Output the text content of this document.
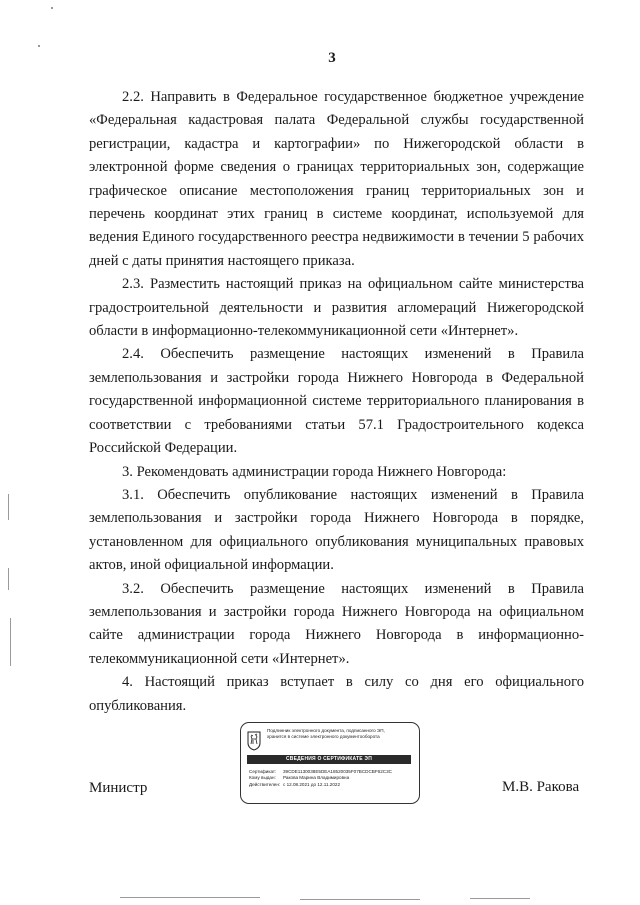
3

2.2. Направить в Федеральное государственное бюджетное учреждение «Федеральная кадастровая палата Федеральной службы государственной регистрации, кадастра и картографии» по Нижегородской области в электронной форме сведения о границах территориальных зон, содержащие графическое описание местоположения границ территориальных зон и перечень координат этих границ в системе координат, используемой для ведения Единого государственного реестра недвижимости в течении 5 рабочих дней с даты принятия настоящего приказа.

2.3. Разместить настоящий приказ на официальном сайте министерства градостроительной деятельности и развития агломераций Нижегородской области в информационно-телекоммуникационной сети «Интернет».

2.4. Обеспечить размещение настоящих изменений в Правила землепользования и застройки города Нижнего Новгорода в Федеральной государственной информационной системе территориального планирования в соответствии с требованиями статьи 57.1 Градостроительного кодекса Российской Федерации.

3. Рекомендовать администрации города Нижнего Новгорода:

3.1. Обеспечить опубликование настоящих изменений в Правила землепользования и застройки города Нижнего Новгорода в порядке, установленном для официального опубликования муниципальных правовых актов, иной официальной информации.

3.2. Обеспечить размещение настоящих изменений в Правила землепользования и застройки города Нижнего Новгорода на официальном сайте администрации города Нижнего Новгорода в информационно-телекоммуникационной сети «Интернет».

4. Настоящий приказ вступает в силу со дня его официального опубликования.

Министр	М.В. Ракова
Подлинник электронного документа, подписанного ЭП,
хранится в системе электронного документооборота
СВЕДЕНИЯ О СЕРТИФИКАТЕ ЭП
Сертификат: 39CDE1130038E5DEA18520035F07BCDCBF62C3C
Кому выдан: Ракова Марина Владимировна
Действителен: с 12.08.2021 до 12.11.2022
